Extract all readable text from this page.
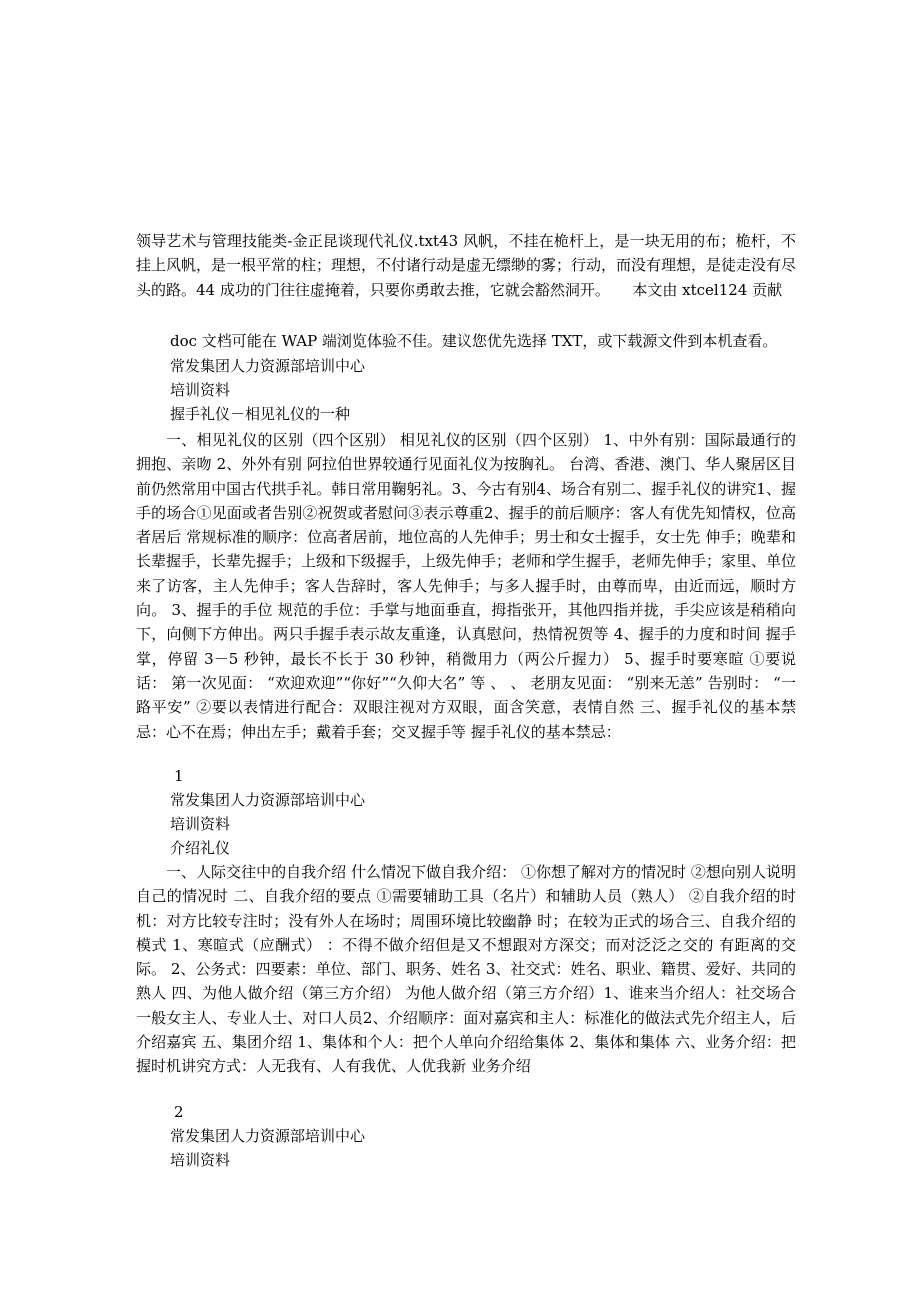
领导艺术与管理技能类-金正昆谈现代礼仪.txt43 风帆，不挂在桅杆上，是一块无用的布；桅杆，不挂上风帆，是一根平常的柱；理想，不付诸行动是虚无缥缈的雾；行动，而没有理想，是徒走没有尽头的路。44 成功的门往往虚掩着，只要你勇敢去推，它就会豁然洞开。　　本文由 xtcel124 贡献

doc 文档可能在 WAP 端浏览体验不佳。建议您优先选择 TXT，或下载源文件到本机查看。

常发集团人力资源部培训中心

培训资料

握手礼仪－相见礼仪的一种

一、相见礼仪的区别（四个区别） 相见礼仪的区别（四个区别） 1、中外有别：国际最通行的拥抱、亲吻 2、外外有别 阿拉伯世界较通行见面礼仪为按胸礼。 台湾、香港、澳门、华人聚居区目前仍然常用中国古代拱手礼。韩日常用鞠躬礼。3、今古有别4、场合有别二、握手礼仪的讲究1、握手的场合①见面或者告别②祝贺或者慰问③表示尊重2、握手的前后顺序：客人有优先知情权，位高者居后 常规标准的顺序：位高者居前，地位高的人先伸手；男士和女士握手，女士先 伸手；晚辈和长辈握手，长辈先握手；上级和下级握手，上级先伸手；老师和学生握手，老师先伸手；家里、单位来了访客，主人先伸手；客人告辞时，客人先伸手；与多人握手时，由尊而卑，由近而远，顺时方向。 3、握手的手位 规范的手位：手掌与地面垂直，拇指张开，其他四指并拢，手尖应该是稍稍向下，向侧下方伸出。两只手握手表示故友重逢，认真慰问，热情祝贺等 4、握手的力度和时间 握手掌，停留 3－5 秒钟，最长不长于 30 秒钟，稍微用力（两公斤握力） 5、握手时要寒暄 ①要说话： 第一次见面： “欢迎欢迎”“你好”“久仰大名” 等 、 、 老朋友见面： “别来无恙” 告别时： “一路平安” ②要以表情进行配合：双眼注视对方双眼，面含笑意，表情自然 三、握手礼仪的基本禁忌：心不在焉；伸出左手；戴着手套；交叉握手等 握手礼仪的基本禁忌：

1

常发集团人力资源部培训中心

培训资料

介绍礼仪

一、人际交往中的自我介绍 什么情况下做自我介绍： ①你想了解对方的情况时 ②想向别人说明自己的情况时 二、自我介绍的要点 ①需要辅助工具（名片）和辅助人员（熟人） ②自我介绍的时机：对方比较专注时；没有外人在场时；周围环境比较幽静 时；在较为正式的场合三、自我介绍的模式 1、寒暄式（应酬式） ：不得不做介绍但是又不想跟对方深交；而对泛泛之交的 有距离的交际。 2、公务式：四要素：单位、部门、职务、姓名 3、社交式：姓名、职业、籍贯、爱好、共同的熟人 四、为他人做介绍（第三方介绍） 为他人做介绍（第三方介绍）1、谁来当介绍人：社交场合一般女主人、专业人士、对口人员2、介绍顺序：面对嘉宾和主人：标准化的做法式先介绍主人，后介绍嘉宾 五、集团介绍 1、集体和个人：把个人单向介绍给集体 2、集体和集体 六、业务介绍：把握时机讲究方式：人无我有、人有我优、人优我新 业务介绍

2

常发集团人力资源部培训中心

培训资料
